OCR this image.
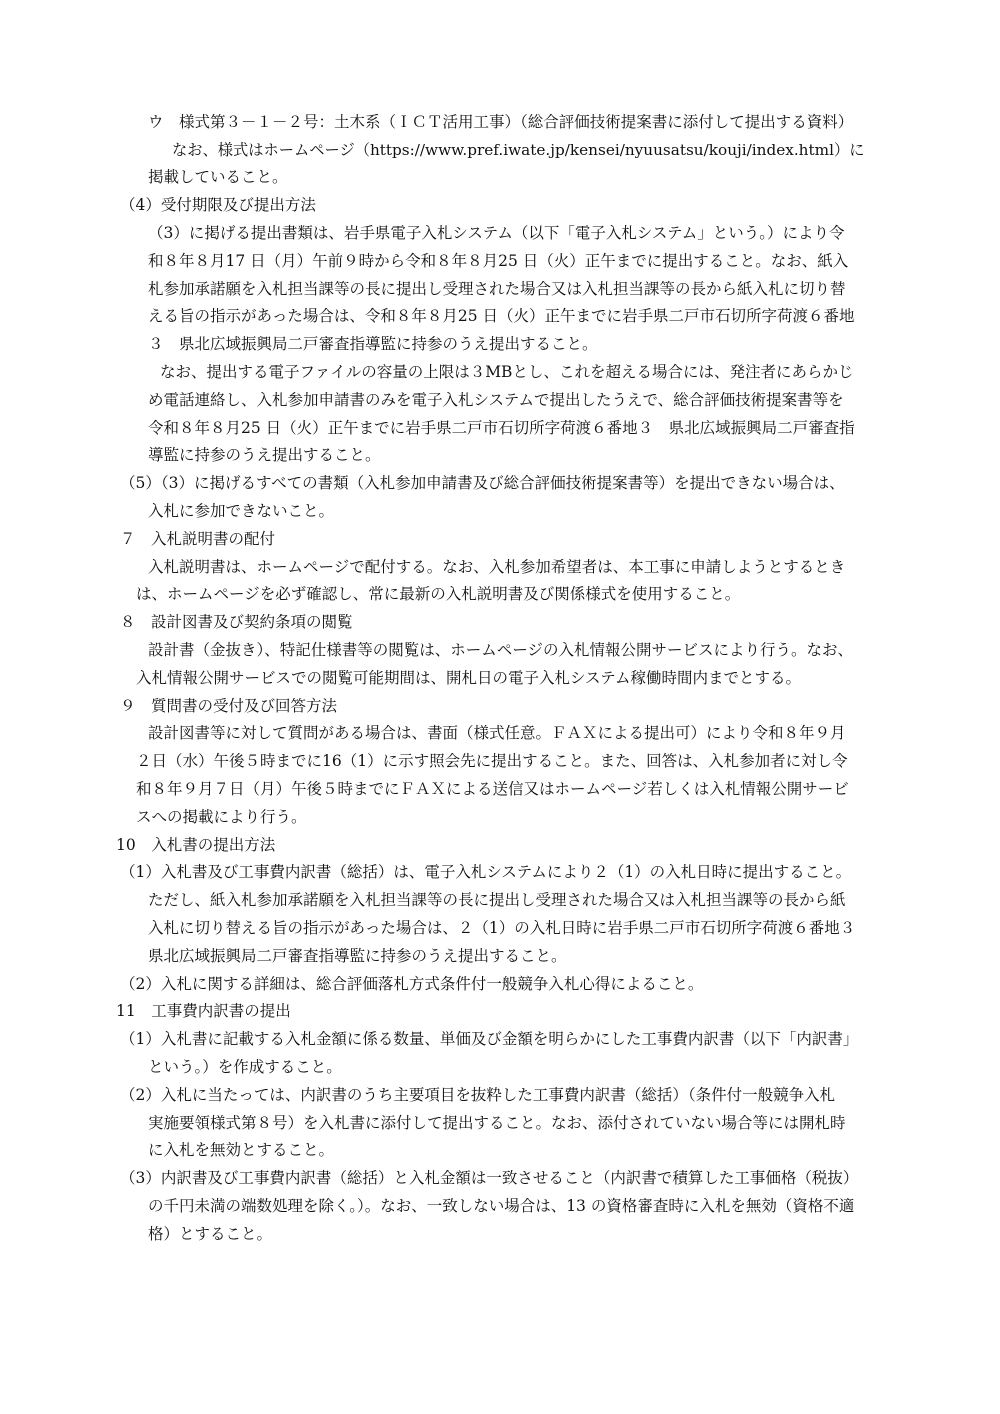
ウ　様式第３－１－２号：土木系（ＩＣＴ活用工事）（総合評価技術提案書に添付して提出する資料）
なお、様式はホームページ（https://www.pref.iwate.jp/kensei/nyuusatsu/kouji/index.html）に
掲載していること。
（4）受付期限及び提出方法
（3）に掲げる提出書類は、岩手県電子入札システム（以下「電子入札システム」という。）により令
和８年８月17 日（月）午前９時から令和８年８月25 日（火）正午までに提出すること。なお、紙入
札参加承諾願を入札担当課等の長に提出し受理された場合又は入札担当課等の長から紙入札に切り替
える旨の指示があった場合は、令和８年８月25 日（火）正午までに岩手県二戸市石切所字荷渡６番地
３　県北広域振興局二戸審査指導監に持参のうえ提出すること。
なお、提出する電子ファイルの容量の上限は３MBとし、これを超える場合には、発注者にあらかじ
め電話連絡し、入札参加申請書のみを電子入札システムで提出したうえで、総合評価技術提案書等を
令和８年８月25 日（火）正午までに岩手県二戸市石切所字荷渡６番地３　県北広域振興局二戸審査指
導監に持参のうえ提出すること。
（5）（3）に掲げるすべての書類（入札参加申請書及び総合評価技術提案書等）を提出できない場合は、
入札に参加できないこと。
７　入札説明書の配付
入札説明書は、ホームページで配付する。なお、入札参加希望者は、本工事に申請しようとするとき
は、ホームページを必ず確認し、常に最新の入札説明書及び関係様式を使用すること。
８　設計図書及び契約条項の閲覧
設計書（金抜き）、特記仕様書等の閲覧は、ホームページの入札情報公開サービスにより行う。なお、
入札情報公開サービスでの閲覧可能期間は、開札日の電子入札システム稼働時間内までとする。
９　質問書の受付及び回答方法
設計図書等に対して質問がある場合は、書面（様式任意。ＦＡＸによる提出可）により令和８年９月
２日（水）午後５時までに16（1）に示す照会先に提出すること。また、回答は、入札参加者に対し令
和８年９月７日（月）午後５時までにＦＡＸによる送信又はホームページ若しくは入札情報公開サービ
スへの掲載により行う。
10　入札書の提出方法
（1）入札書及び工事費内訳書（総括）は、電子入札システムにより２（1）の入札日時に提出すること。
ただし、紙入札参加承諾願を入札担当課等の長に提出し受理された場合又は入札担当課等の長から紙
入札に切り替える旨の指示があった場合は、２（1）の入札日時に岩手県二戸市石切所字荷渡６番地３
県北広域振興局二戸審査指導監に持参のうえ提出すること。
（2）入札に関する詳細は、総合評価落札方式条件付一般競争入札心得によること。
11　工事費内訳書の提出
（1）入札書に記載する入札金額に係る数量、単価及び金額を明らかにした工事費内訳書（以下「内訳書」
という。）を作成すること。
（2）入札に当たっては、内訳書のうち主要項目を抜粋した工事費内訳書（総括）（条件付一般競争入札
実施要領様式第８号）を入札書に添付して提出すること。なお、添付されていない場合等には開札時
に入札を無効とすること。
（3）内訳書及び工事費内訳書（総括）と入札金額は一致させること（内訳書で積算した工事価格（税抜）
の千円未満の端数処理を除く。）。なお、一致しない場合は、13 の資格審査時に入札を無効（資格不適
格）とすること。
